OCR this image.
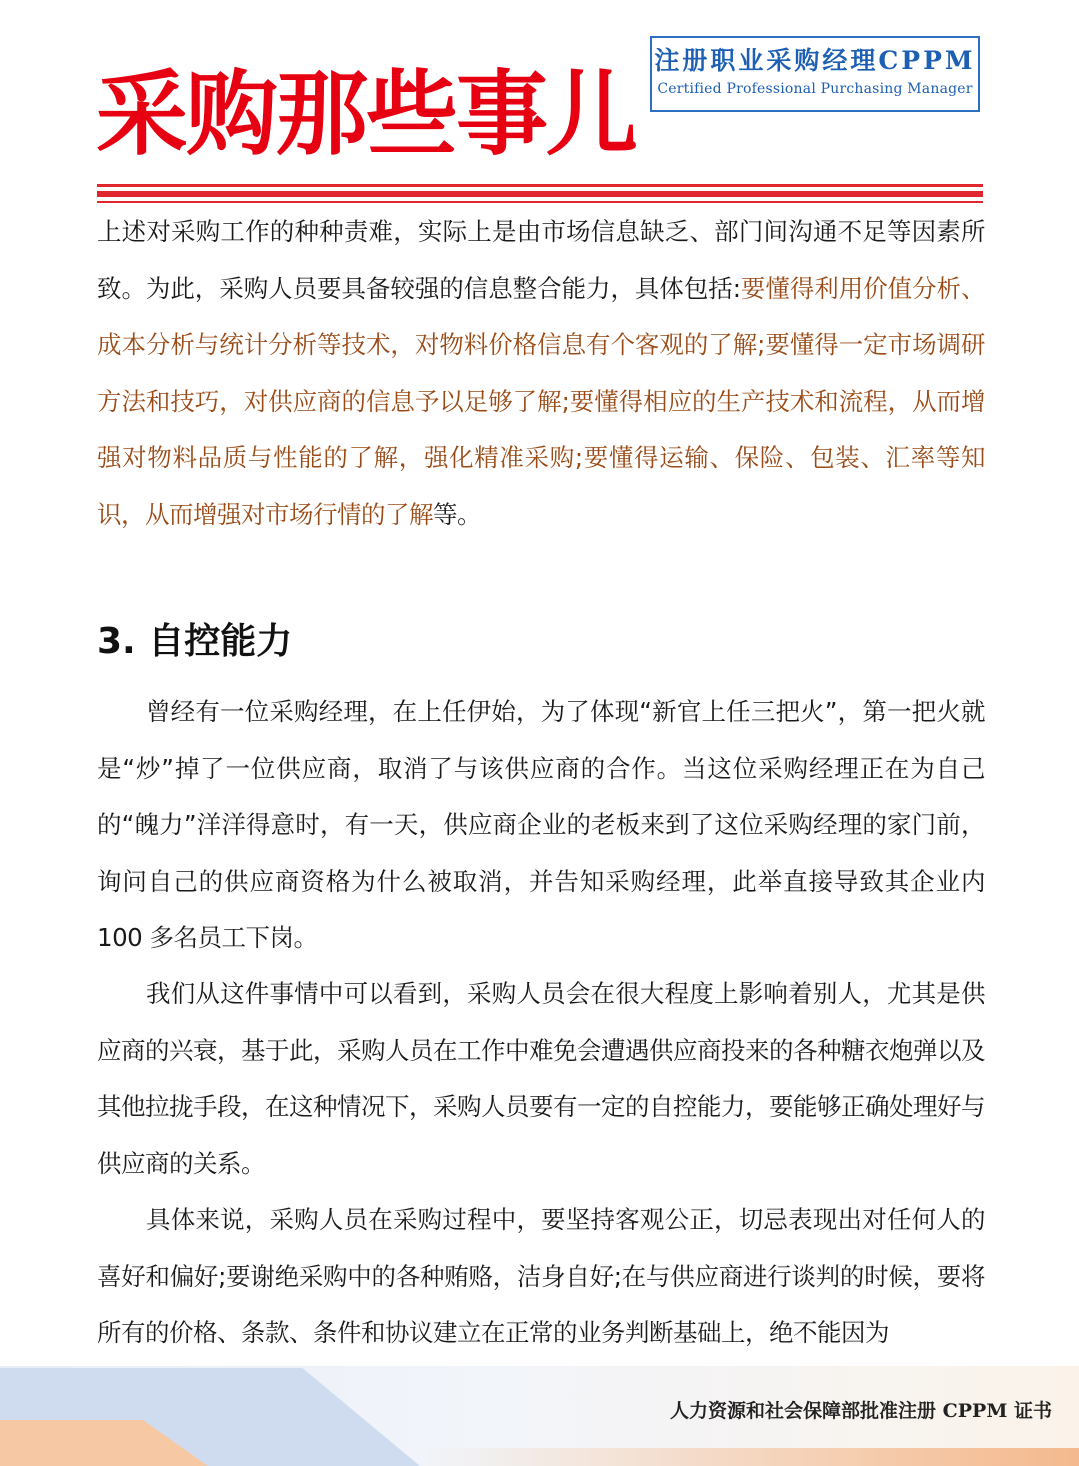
采购那些事儿
注册职业采购经理CPPM
Certified Professional Purchasing Manager

上述对采购工作的种种责难，实际上是由市场信息缺乏、部门间沟通不足等因素所致。为此，采购人员要具备较强的信息整合能力，具体包括:要懂得利用价值分析、成本分析与统计分析等技术，对物料价格信息有个客观的了解;要懂得一定市场调研方法和技巧，对供应商的信息予以足够了解;要懂得相应的生产技术和流程，从而增强对物料品质与性能的了解，强化精准采购;要懂得运输、保险、包装、汇率等知识，从而增强对市场行情的了解等。

3. 自控能力

曾经有一位采购经理，在上任伊始，为了体现“新官上任三把火”，第一把火就是“炒”掉了一位供应商，取消了与该供应商的合作。当这位采购经理正在为自己的“魄力”洋洋得意时，有一天，供应商企业的老板来到了这位采购经理的家门前，询问自己的供应商资格为什么被取消，并告知采购经理，此举直接导致其企业内 100 多名员工下岗。

我们从这件事情中可以看到，采购人员会在很大程度上影响着别人，尤其是供应商的兴衰，基于此，采购人员在工作中难免会遭遇供应商投来的各种糖衣炮弹以及其他拉拢手段，在这种情况下，采购人员要有一定的自控能力，要能够正确处理好与供应商的关系。

具体来说，采购人员在采购过程中，要坚持客观公正，切忌表现出对任何人的喜好和偏好;要谢绝采购中的各种贿赂，洁身自好;在与供应商进行谈判的时候，要将所有的价格、条款、条件和协议建立在正常的业务判断基础上，绝不能因为

人力资源和社会保障部批准注册 CPPM 证书
